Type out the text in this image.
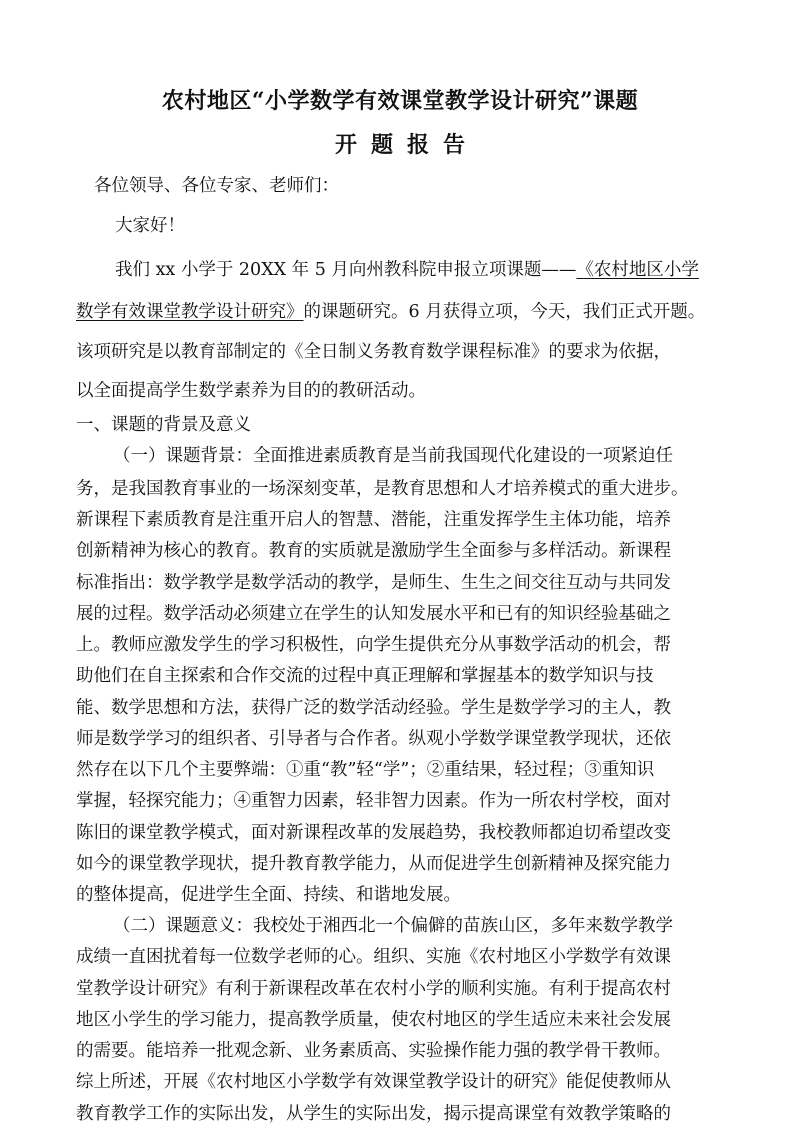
农村地区“小学数学有效课堂教学设计研究”课题
开题报告
各位领导、各位专家、老师们：
大家好！
我们 xx 小学于 20XX 年 5 月向州教科院申报立项课题——《农村地区小学
数学有效课堂教学设计研究》的课题研究。6 月获得立项，今天，我们正式开题。
该项研究是以教育部制定的《全日制义务教育数学课程标准》的要求为依据，
以全面提高学生数学素养为目的的教研活动。
一、课题的背景及意义
（一）课题背景：全面推进素质教育是当前我国现代化建设的一项紧迫任
务，是我国教育事业的一场深刻变革，是教育思想和人才培养模式的重大进步。
新课程下素质教育是注重开启人的智慧、潜能，注重发挥学生主体功能，培养
创新精神为核心的教育。教育的实质就是激励学生全面参与多样活动。新课程
标准指出：数学教学是数学活动的教学，是师生、生生之间交往互动与共同发
展的过程。数学活动必须建立在学生的认知发展水平和已有的知识经验基础之
上。教师应激发学生的学习积极性，向学生提供充分从事数学活动的机会，帮
助他们在自主探索和合作交流的过程中真正理解和掌握基本的数学知识与技
能、数学思想和方法，获得广泛的数学活动经验。学生是数学学习的主人，教
师是数学学习的组织者、引导者与合作者。纵观小学数学课堂教学现状，还依
然存在以下几个主要弊端：①重“教”轻“学”；②重结果，轻过程；③重知识
掌握，轻探究能力；④重智力因素，轻非智力因素。作为一所农村学校，面对
陈旧的课堂教学模式，面对新课程改革的发展趋势，我校教师都迫切希望改变
如今的课堂教学现状，提升教育教学能力，从而促进学生创新精神及探究能力
的整体提高，促进学生全面、持续、和谐地发展。
（二）课题意义：我校处于湘西北一个偏僻的苗族山区，多年来数学教学
成绩一直困扰着每一位数学老师的心。组织、实施《农村地区小学数学有效课
堂教学设计研究》有利于新课程改革在农村小学的顺利实施。有利于提高农村
地区小学生的学习能力，提高教学质量，使农村地区的学生适应未来社会发展
的需要。能培养一批观念新、业务素质高、实验操作能力强的教学骨干教师。
综上所述，开展《农村地区小学数学有效课堂教学设计的研究》能促使教师从
教育教学工作的实际出发，从学生的实际出发，揭示提高课堂有效教学策略的
